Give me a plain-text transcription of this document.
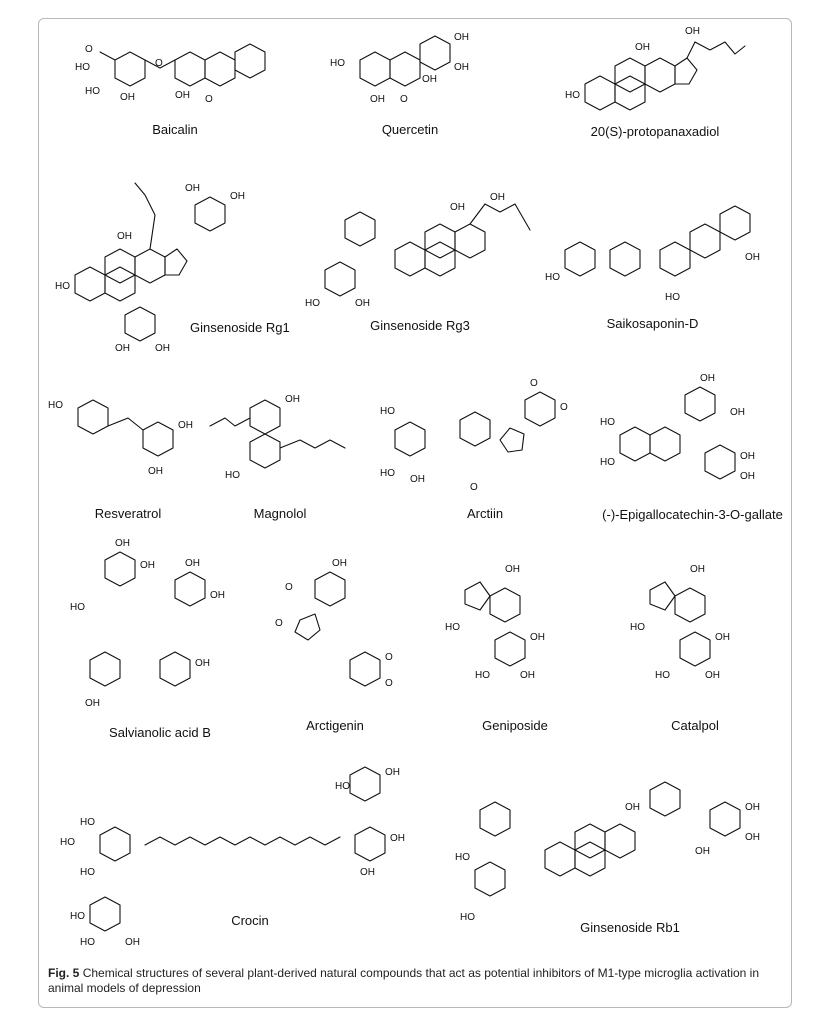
HO
O
HO
OH	OH O
O
Baicalin
HO
OH O
OH
OH
OH
Quercetin
HO
OH
OH
20(S)-protopanaxadiol
HO
OH
OH
OH
OH	OH
Ginsenoside Rg1
OH
OH
HO	OH
Ginsenoside Rg3
HO
OH
HO
Saikosaponin-D
HO
OH
OH
Resveratrol
OH
HO
Magnolol
HO
HO
OH
O
O
O
Arctiin
OH
OH
HO
HO
OH
OH
(-)-Epigallocatechin-3-O-gallate
OH
OH
HO
OH
OH
OH
OH
Salvianolic acid B
OH
O
O
O
O
Arctigenin
OH
HO
OH
HO	OH
Geniposide
OH
HO
OH
HO	OH
Catalpol
HO
HO
HO
HO
HO	OH
HO
OH
OH
OH
Crocin
HO
HO
OH	OH
OH
OH
Ginsenoside Rb1
Fig. 5 Chemical structures of several plant-derived natural compounds that act as potential inhibitors of M1-type microglia activation in animal models of depression
